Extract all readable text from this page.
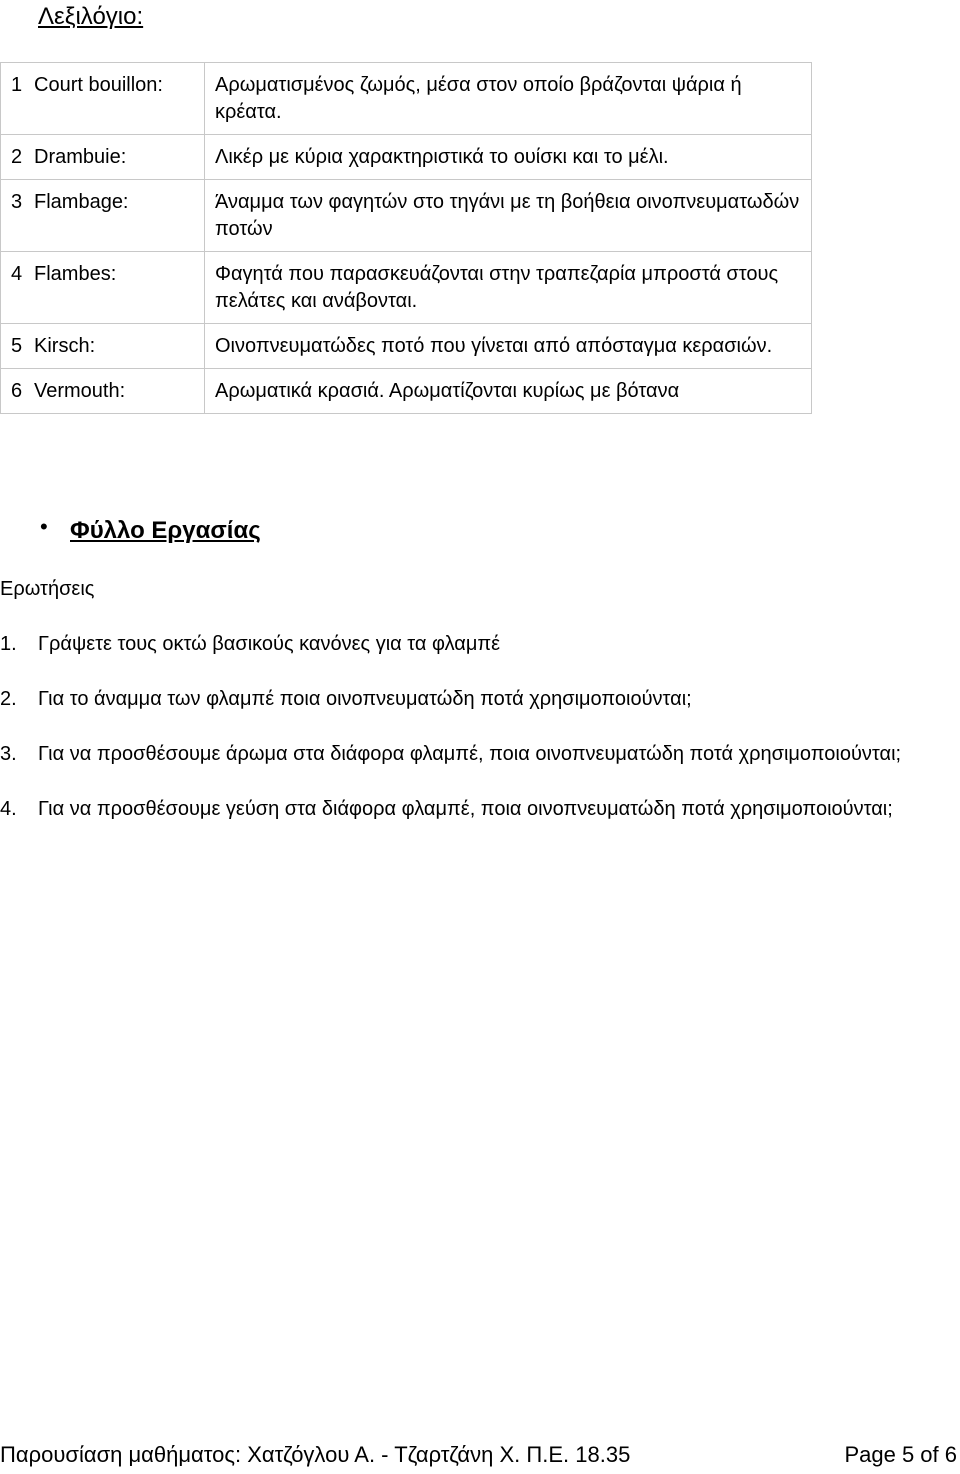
Λεξιλόγιο:
1	Court bouillon:	Αρωματισμένος ζωμός, μέσα στον οποίο βράζονται ψάρια ή κρέατα.
2	Drambuie:	Λικέρ με κύρια χαρακτηριστικά το ουίσκι και το μέλι.
3	Flambage:	Άναμμα των φαγητών στο τηγάνι με τη βοήθεια οινοπνευματωδών ποτών
4	Flambes:	Φαγητά που παρασκευάζονται στην τραπεζαρία μπροστά στους πελάτες και ανάβονται.
5	Kirsch:	Οινοπνευματώδες ποτό που γίνεται από απόσταγμα κερασιών.
6	Vermouth:	Αρωματικά κρασιά. Αρωματίζονται κυρίως με βότανα
• Φύλλο Εργασίας
Ερωτήσεις
1.	Γράψετε τους οκτώ βασικούς κανόνες για τα φλαμπέ
2.	Για το άναμμα των φλαμπέ ποια οινοπνευματώδη ποτά χρησιμοποιούνται;
3.	Για να προσθέσουμε άρωμα στα διάφορα φλαμπέ, ποια οινοπνευματώδη ποτά χρησιμοποιούνται;
4.	Για να προσθέσουμε γεύση στα διάφορα φλαμπέ, ποια οινοπνευματώδη ποτά χρησιμοποιούνται;
Παρουσίαση μαθήματος: Χατζόγλου Α. - Τζαρτζάνη Χ. Π.Ε. 18.35	Page 5 of 6
